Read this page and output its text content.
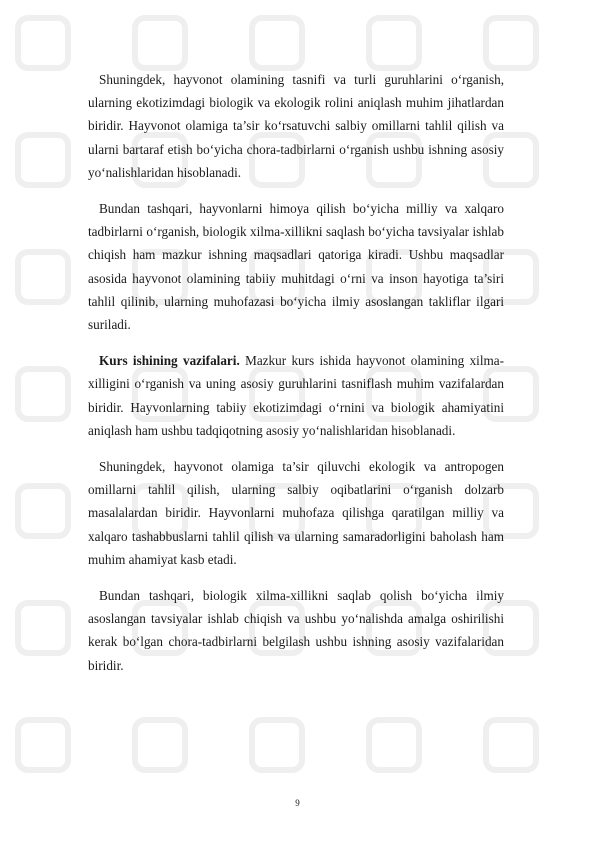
Shuningdek, hayvonot olamining tasnifi va turli guruhlarini o‘rganish, ularning ekotizimdagi biologik va ekologik rolini aniqlash muhim jihatlardan biridir. Hayvonot olamiga ta’sir ko‘rsatuvchi salbiy omillarni tahlil qilish va ularni bartaraf etish bo‘yicha chora-tadbirlarni o‘rganish ushbu ishning asosiy yo‘nalishlaridan hisoblanadi.

Bundan tashqari, hayvonlarni himoya qilish bo‘yicha milliy va xalqaro tadbirlarni o‘rganish, biologik xilma-xillikni saqlash bo‘yicha tavsiyalar ishlab chiqish ham mazkur ishning maqsadlari qatoriga kiradi. Ushbu maqsadlar asosida hayvonot olamining tabiiy muhitdagi o‘rni va inson hayotiga ta’siri tahlil qilinib, ularning muhofazasi bo‘yicha ilmiy asoslangan takliflar ilgari suriladi.

Kurs ishining vazifalari. Mazkur kurs ishida hayvonot olamining xilma-xilligini o‘rganish va uning asosiy guruhlarini tasniflash muhim vazifalardan biridir. Hayvonlarning tabiiy ekotizimdagi o‘rnini va biologik ahamiyatini aniqlash ham ushbu tadqiqotning asosiy yo‘nalishlaridan hisoblanadi.

Shuningdek, hayvonot olamiga ta’sir qiluvchi ekologik va antropogen omillarni tahlil qilish, ularning salbiy oqibatlarini o‘rganish dolzarb masalalardan biridir. Hayvonlarni muhofaza qilishga qaratilgan milliy va xalqaro tashabbuslarni tahlil qilish va ularning samaradorligini baholash ham muhim ahamiyat kasb etadi.

Bundan tashqari, biologik xilma-xillikni saqlab qolish bo‘yicha ilmiy asoslangan tavsiyalar ishlab chiqish va ushbu yo‘nalishda amalga oshirilishi kerak bo‘lgan chora-tadbirlarni belgilash ushbu ishning asosiy vazifalaridan biridir.

9
